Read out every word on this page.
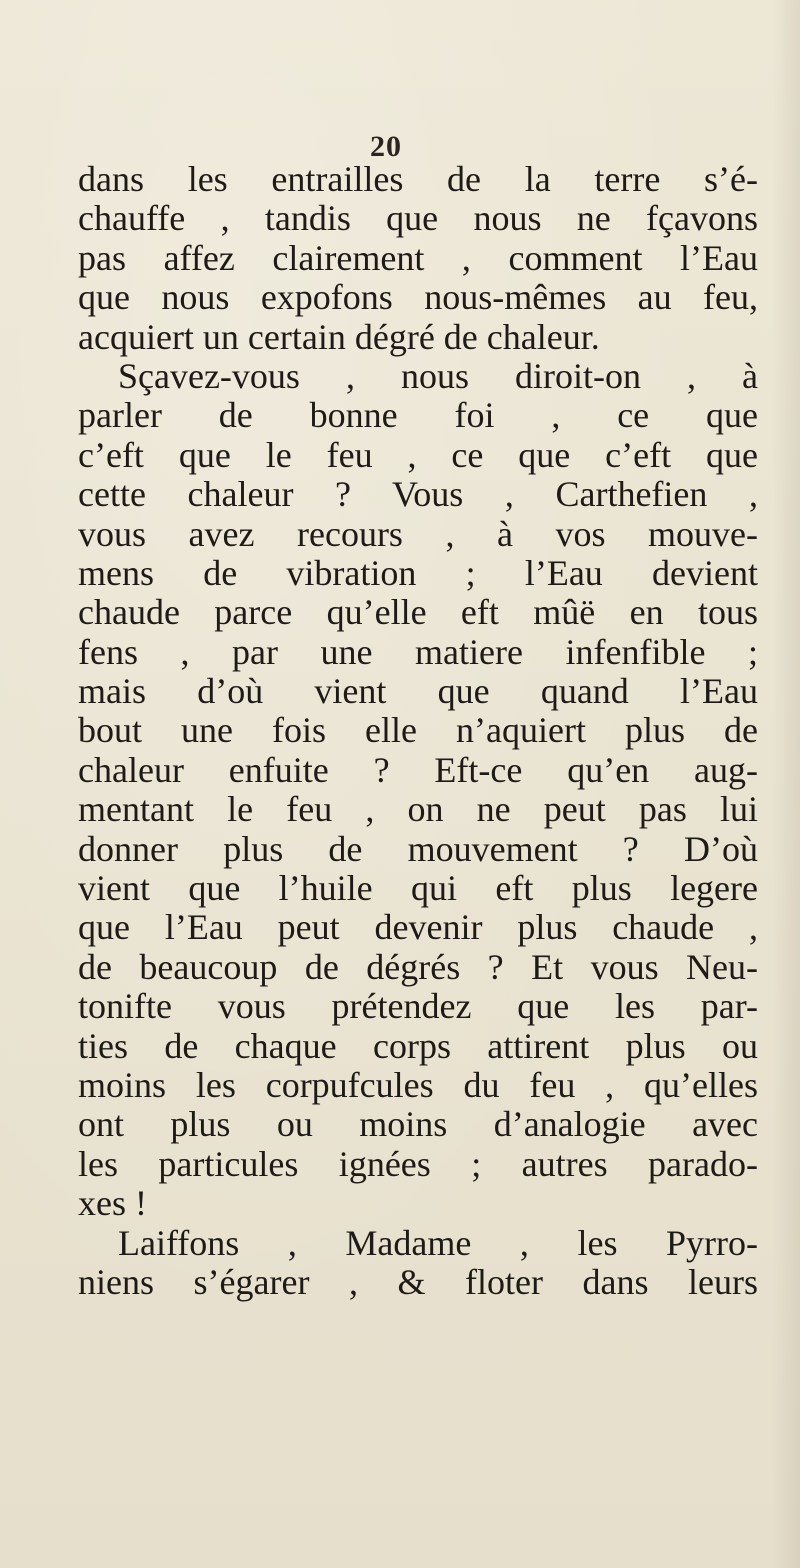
20
dans les entrailles de la terre s’é-
chauffe , tandis que nous ne fçavons
pas affez clairement , comment l’Eau
que nous expofons nous-mêmes au feu,
acquiert un certain dégré de chaleur.
Sçavez-vous , nous diroit-on , à
parler de bonne foi , ce que
c’eft que le feu , ce que c’eft que
cette chaleur ? Vous , Carthefien ,
vous avez recours , à vos mouve-
mens de vibration ; l’Eau devient
chaude parce qu’elle eft mûë en tous
fens , par une matiere infenfible ;
mais d’où vient que quand l’Eau
bout une fois elle n’aquiert plus de
chaleur enfuite ? Eft-ce qu’en aug-
mentant le feu , on ne peut pas lui
donner plus de mouvement ? D’où
vient que l’huile qui eft plus legere
que l’Eau peut devenir plus chaude ,
de beaucoup de dégrés ? Et vous Neu-
tonifte vous prétendez que les par-
ties de chaque corps attirent plus ou
moins les corpufcules du feu , qu’elles
ont plus ou moins d’analogie avec
les particules ignées ; autres parado-
xes !
Laiffons , Madame , les Pyrro-
niens s’égarer , & floter dans leurs
